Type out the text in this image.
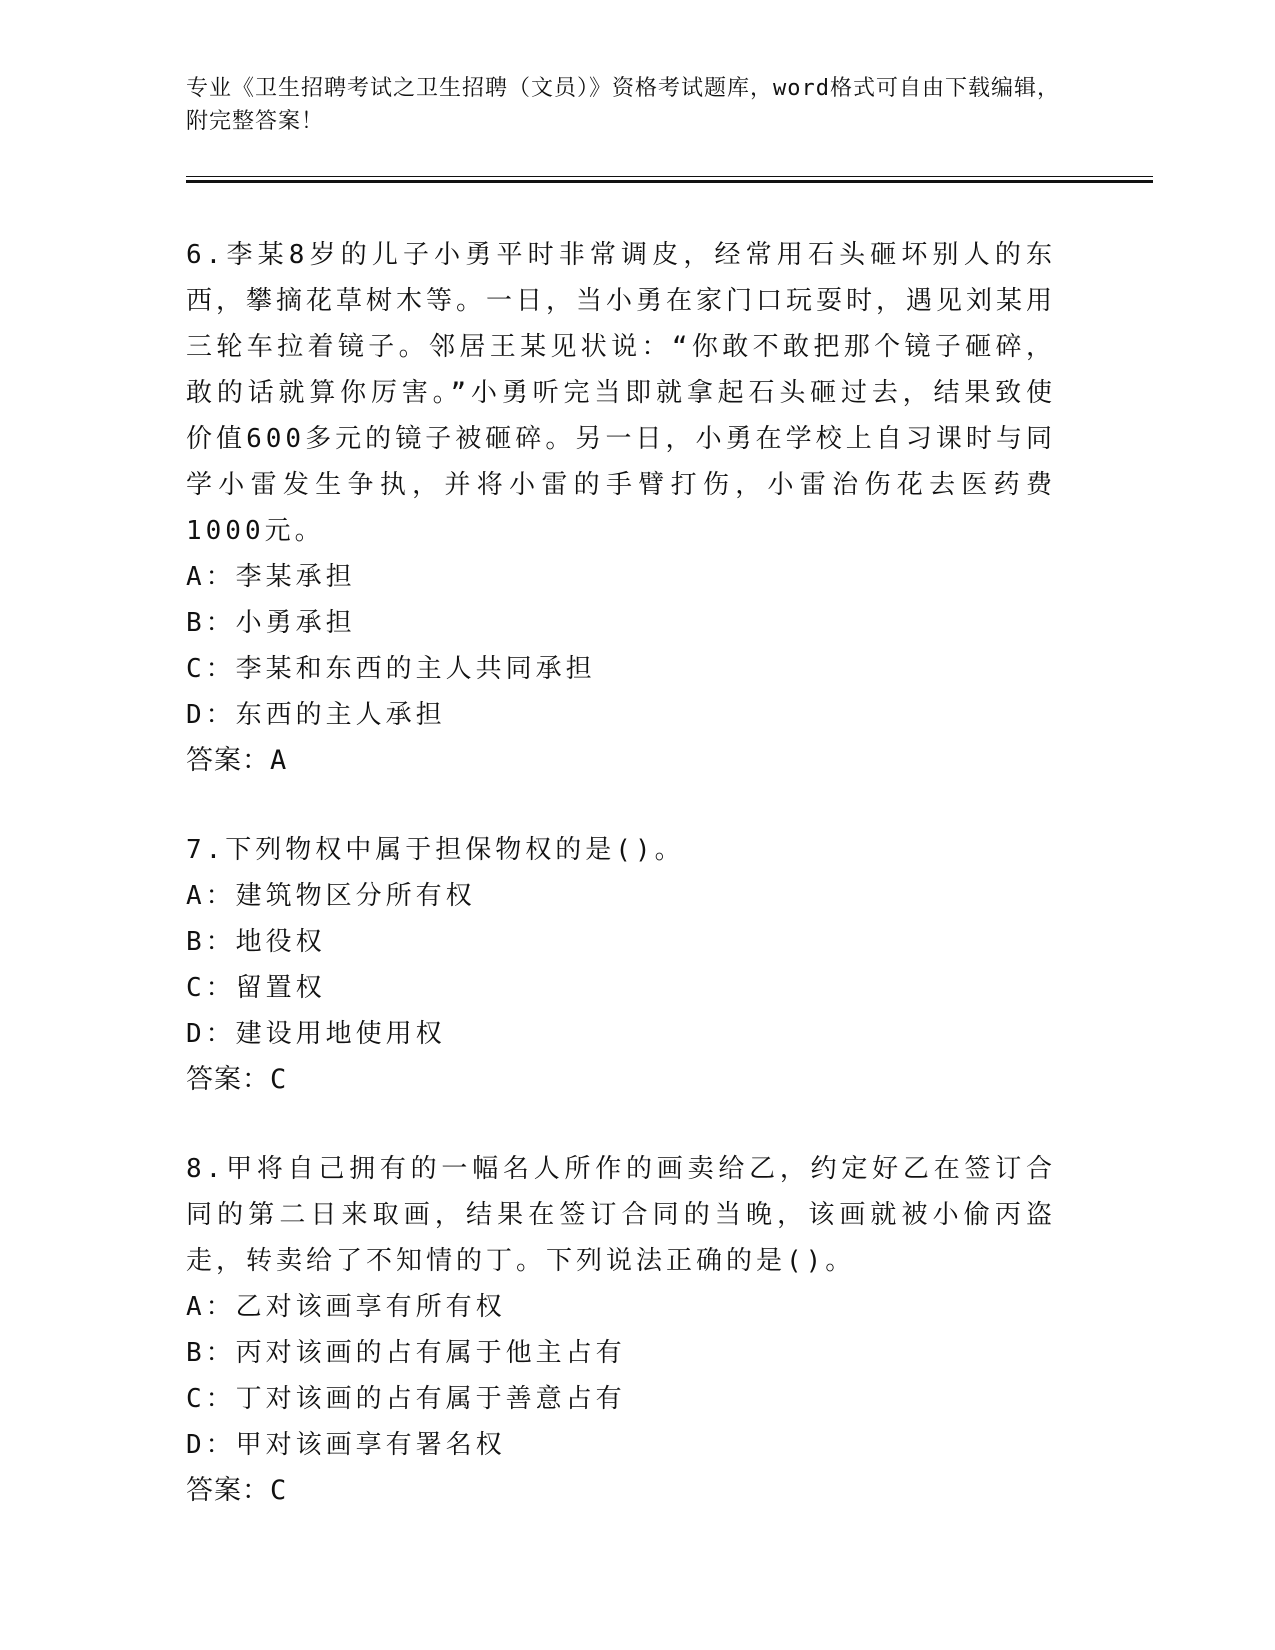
专业《卫生招聘考试之卫生招聘（文员）》资格考试题库，word格式可自由下载编辑，附完整答案！
6.李某8岁的儿子小勇平时非常调皮，经常用石头砸坏别人的东西，攀摘花草树木等。一日，当小勇在家门口玩耍时，遇见刘某用三轮车拉着镜子。邻居王某见状说：“你敢不敢把那个镜子砸碎，敢的话就算你厉害。”小勇听完当即就拿起石头砸过去，结果致使价值600多元的镜子被砸碎。另一日，小勇在学校上自习课时与同学小雷发生争执，并将小雷的手臂打伤，小雷治伤花去医药费1000元。
A：李某承担
B：小勇承担
C：李某和东西的主人共同承担
D：东西的主人承担
答案：A
7.下列物权中属于担保物权的是()。
A：建筑物区分所有权
B：地役权
C：留置权
D：建设用地使用权
答案：C
8.甲将自己拥有的一幅名人所作的画卖给乙，约定好乙在签订合同的第二日来取画，结果在签订合同的当晚，该画就被小偷丙盗走，转卖给了不知情的丁。下列说法正确的是()。
A：乙对该画享有所有权
B：丙对该画的占有属于他主占有
C：丁对该画的占有属于善意占有
D：甲对该画享有署名权
答案：C
